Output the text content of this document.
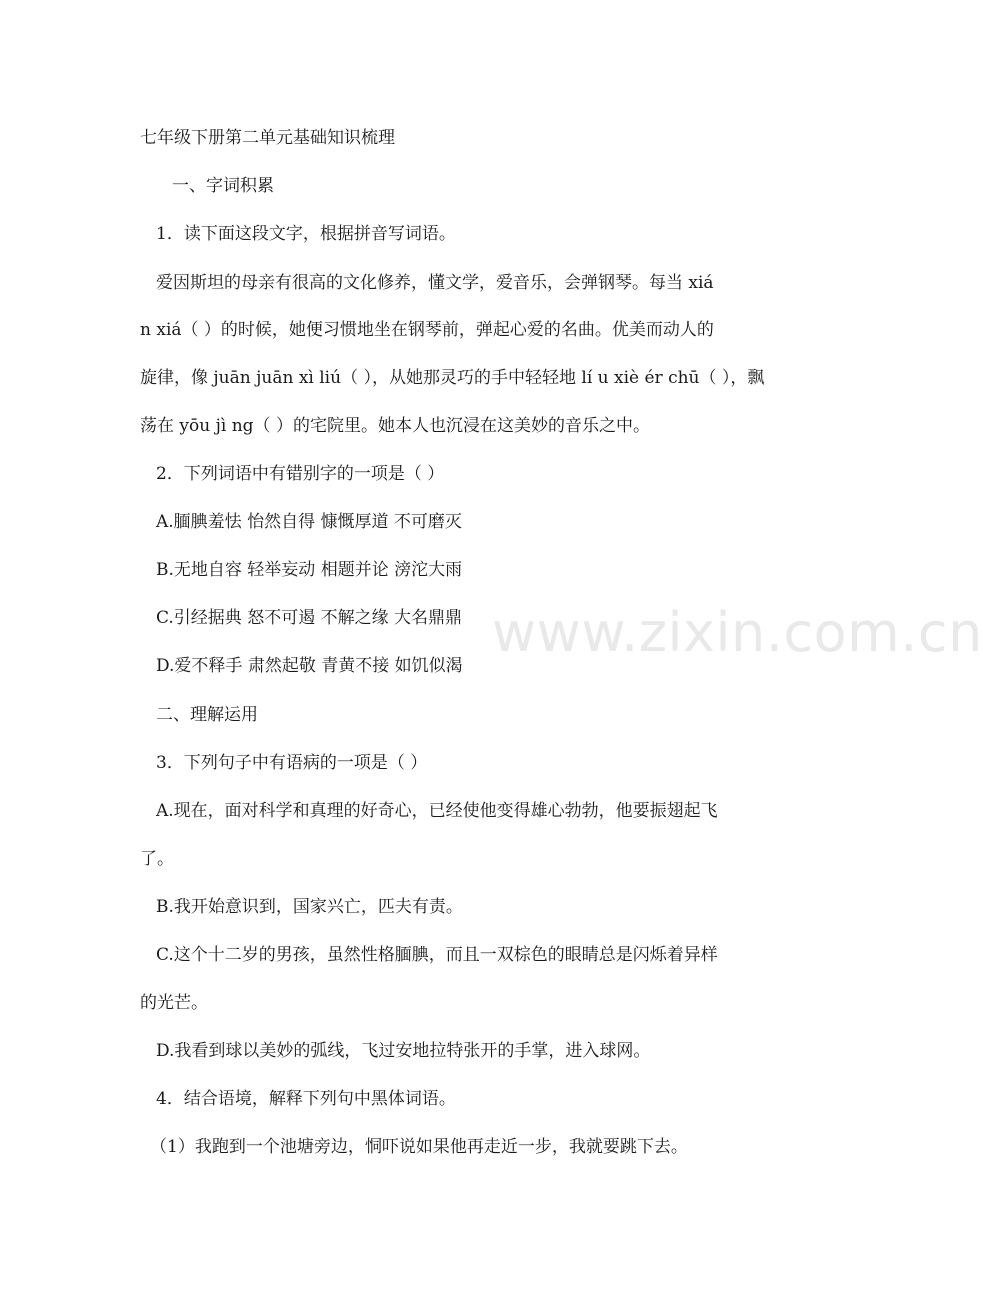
www.zixin.com.cn
七年级下册第二单元基础知识梳理
一、字词积累
1．读下面这段文字，根据拼音写词语。
爱因斯坦的母亲有很高的文化修养，懂文学，爱音乐，会弹钢琴。每当 xiá
n xiá（ ）的时候，她便习惯地坐在钢琴前，弹起心爱的名曲。优美而动人的
旋律，像 juān juān xì liú（ ），从她那灵巧的手中轻轻地 lí u xiè ér chū（ ），飘
荡在 yōu jì ng（ ）的宅院里。她本人也沉浸在这美妙的音乐之中。
2．下列词语中有错别字的一项是（ ）
A.腼腆羞怯 怡然自得 慷慨厚道 不可磨灭
B.无地自容 轻举妄动 相题并论 滂沱大雨
C.引经据典 怒不可遏 不解之缘 大名鼎鼎
D.爱不释手 肃然起敬 青黄不接 如饥似渴
二、理解运用
3．下列句子中有语病的一项是（ ）
A.现在，面对科学和真理的好奇心，已经使他变得雄心勃勃，他要振翅起飞
了。
B.我开始意识到，国家兴亡，匹夫有责。
C.这个十二岁的男孩，虽然性格腼腆，而且一双棕色的眼睛总是闪烁着异样
的光芒。
D.我看到球以美妙的弧线，飞过安地拉特张开的手掌，进入球网。
4．结合语境，解释下列句中黑体词语。
（1）我跑到一个池塘旁边，恫吓说如果他再走近一步，我就要跳下去。
